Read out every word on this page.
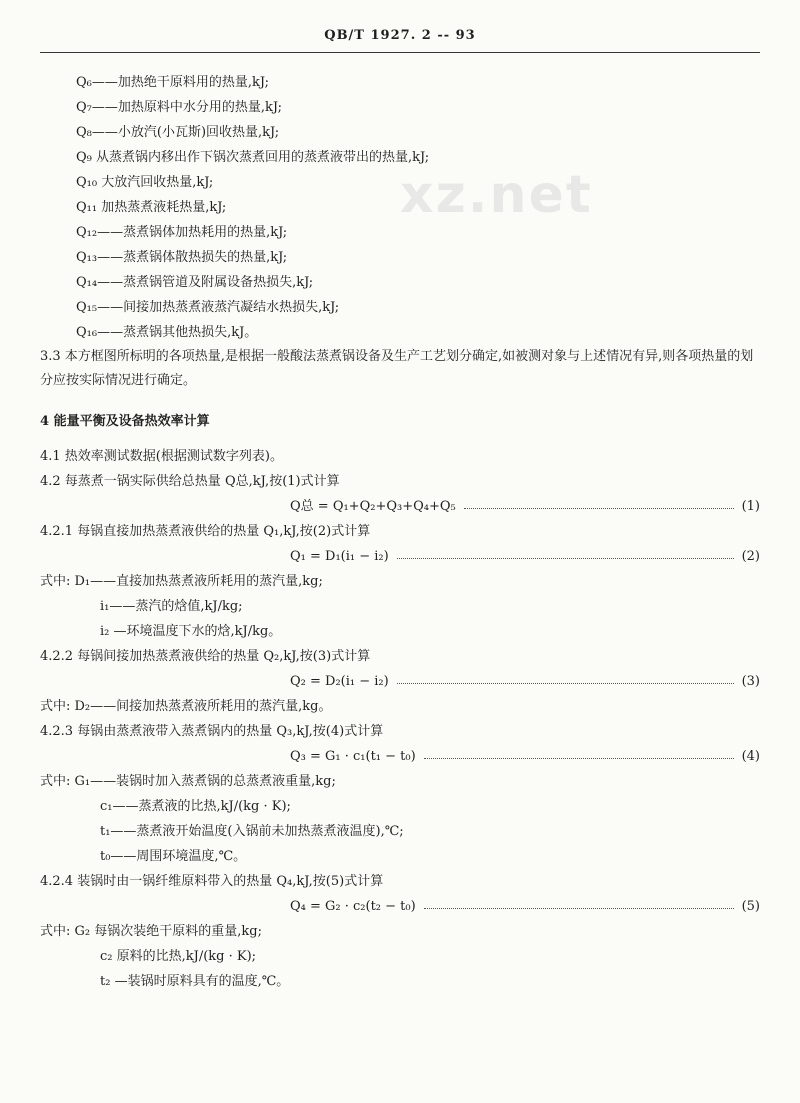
QB/T 1927. 2 -- 93
xz.net
Q₆——加热绝干原料用的热量,kJ;
Q₇——加热原料中水分用的热量,kJ;
Q₈——小放汽(小瓦斯)回收热量,kJ;
Q₉ 从蒸煮锅内移出作下锅次蒸煮回用的蒸煮液带出的热量,kJ;
Q₁₀ 大放汽回收热量,kJ;
Q₁₁ 加热蒸煮液耗热量,kJ;
Q₁₂——蒸煮锅体加热耗用的热量,kJ;
Q₁₃——蒸煮锅体散热损失的热量,kJ;
Q₁₄——蒸煮锅管道及附属设备热损失,kJ;
Q₁₅——间接加热蒸煮液蒸汽凝结水热损失,kJ;
Q₁₆——蒸煮锅其他热损失,kJ。
3.3 本方框图所标明的各项热量,是根据一般酸法蒸煮锅设备及生产工艺划分确定,如被测对象与上述情况有异,则各项热量的划分应按实际情况进行确定。
4 能量平衡及设备热效率计算
4.1 热效率测试数据(根据测试数字列表)。
4.2 每蒸煮一锅实际供给总热量 Q总,kJ,按(1)式计算
Q总 = Q₁+Q₂+Q₃+Q₄+Q₅	(1)
4.2.1 每锅直接加热蒸煮液供给的热量 Q₁,kJ,按(2)式计算
Q₁ = D₁(i₁ − i₂)	(2)
式中: D₁——直接加热蒸煮液所耗用的蒸汽量,kg;
i₁——蒸汽的焓值,kJ/kg;
i₂ —环境温度下水的焓,kJ/kg。
4.2.2 每锅间接加热蒸煮液供给的热量 Q₂,kJ,按(3)式计算
Q₂ = D₂(i₁ − i₂)	(3)
式中: D₂——间接加热蒸煮液所耗用的蒸汽量,kg。
4.2.3 每锅由蒸煮液带入蒸煮锅内的热量 Q₃,kJ,按(4)式计算
Q₃ = G₁ · c₁(t₁ − t₀)	(4)
式中: G₁——装锅时加入蒸煮锅的总蒸煮液重量,kg;
c₁——蒸煮液的比热,kJ/(kg · K);
t₁——蒸煮液开始温度(入锅前未加热蒸煮液温度),℃;
t₀——周围环境温度,℃。
4.2.4 装锅时由一锅纤维原料带入的热量 Q₄,kJ,按(5)式计算
Q₄ = G₂ · c₂(t₂ − t₀)	(5)
式中: G₂ 每锅次装绝干原料的重量,kg;
c₂ 原料的比热,kJ/(kg · K);
t₂ —装锅时原料具有的温度,℃。
